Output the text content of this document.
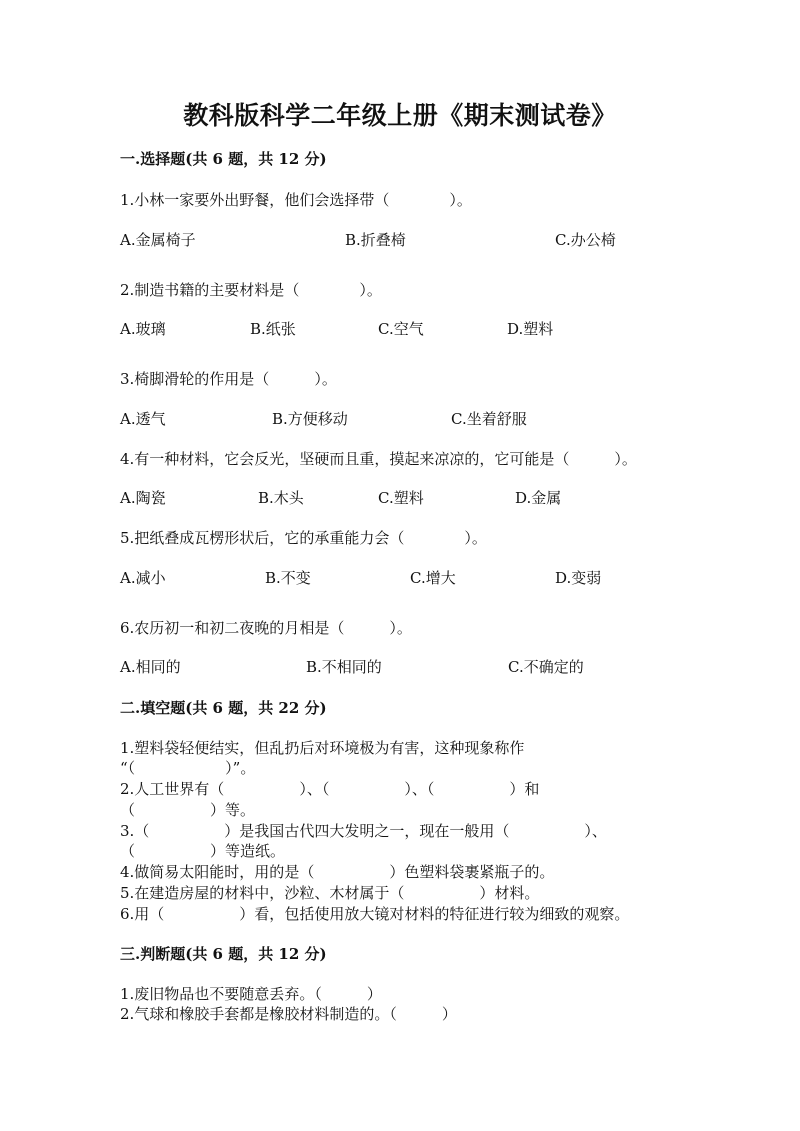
教科版科学二年级上册《期末测试卷》
一.选择题(共 6 题，共 12 分)
1.小林一家要外出野餐，他们会选择带（　　　　）。
A.金属椅子	B.折叠椅	C.办公椅
2.制造书籍的主要材料是（　　　　）。
A.玻璃	B.纸张	C.空气	D.塑料
3.椅脚滑轮的作用是（　　　）。
A.透气	B.方便移动	C.坐着舒服
4.有一种材料，它会反光，坚硬而且重，摸起来凉凉的，它可能是（　　　）。
A.陶瓷	B.木头	C.塑料	D.金属
5.把纸叠成瓦楞形状后，它的承重能力会（　　　　）。
A.减小	B.不变	C.增大	D.变弱
6.农历初一和初二夜晚的月相是（　　　）。
A.相同的	B.不相同的	C.不确定的
二.填空题(共 6 题，共 22 分)
1.塑料袋轻便结实，但乱扔后对环境极为有害，这种现象称作
“（　　　　　　）”。
2.人工世界有（　　　　　）、（　　　　　）、（　　　　　）和
（　　　　　）等。
3.（　　　　　）是我国古代四大发明之一，现在一般用（　　　　　）、
（　　　　　）等造纸。
4.做简易太阳能时，用的是（　　　　　）色塑料袋裹紧瓶子的。
5.在建造房屋的材料中，沙粒、木材属于（　　　　　）材料。
6.用（　　　　　）看，包括使用放大镜对材料的特征进行较为细致的观察。
三.判断题(共 6 题，共 12 分)
1.废旧物品也不要随意丢弃。（　　　）
2.气球和橡胶手套都是橡胶材料制造的。（　　　）
